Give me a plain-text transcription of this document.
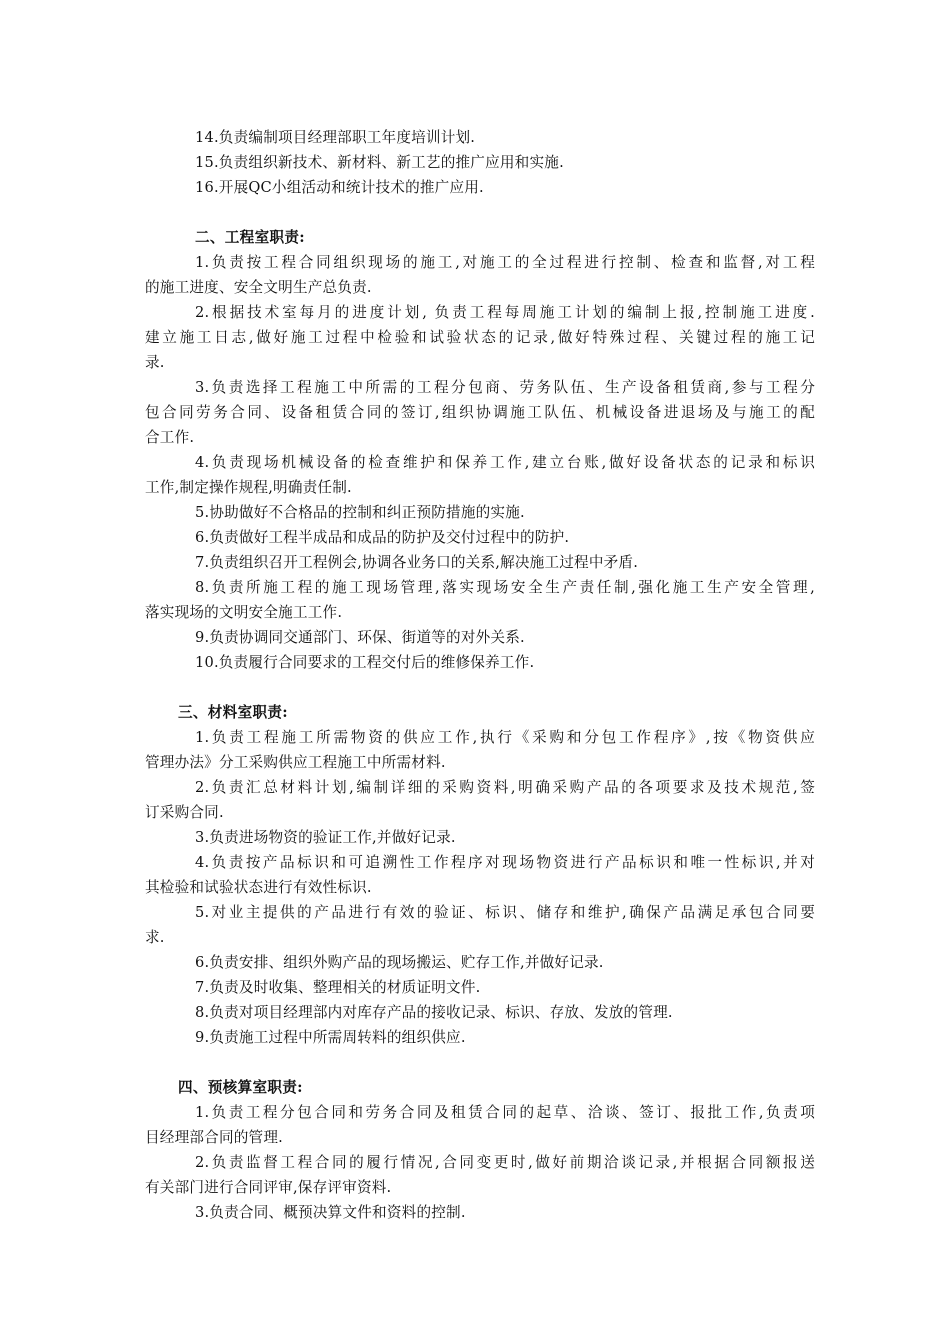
14.负责编制项目经理部职工年度培训计划.
15.负责组织新技术、新材料、新工艺的推广应用和实施.
16.开展QC小组活动和统计技术的推广应用.
二、工程室职责:
1.负责按工程合同组织现场的施工,对施工的全过程进行控制、检查和监督,对工程
的施工进度、安全文明生产总负责.
2.根据技术室每月的进度计划, 负责工程每周施工计划的编制上报,控制施工进度.
建立施工日志,做好施工过程中检验和试验状态的记录,做好特殊过程、关键过程的施工记
录.
3.负责选择工程施工中所需的工程分包商、劳务队伍、生产设备租赁商,参与工程分
包合同劳务合同、设备租赁合同的签订,组织协调施工队伍、机械设备进退场及与施工的配
合工作.
4.负责现场机械设备的检查维护和保养工作,建立台账,做好设备状态的记录和标识
工作,制定操作规程,明确责任制.
5.协助做好不合格品的控制和纠正预防措施的实施.
6.负责做好工程半成品和成品的防护及交付过程中的防护.
7.负责组织召开工程例会,协调各业务口的关系,解决施工过程中矛盾.
8.负责所施工程的施工现场管理,落实现场安全生产责任制,强化施工生产安全管理,
落实现场的文明安全施工工作.
9.负责协调同交通部门、环保、街道等的对外关系.
10.负责履行合同要求的工程交付后的维修保养工作.
三、材料室职责:
1.负责工程施工所需物资的供应工作,执行《采购和分包工作程序》,按《物资供应
管理办法》分工采购供应工程施工中所需材料.
2.负责汇总材料计划,编制详细的采购资料,明确采购产品的各项要求及技术规范,签
订采购合同.
3.负责进场物资的验证工作,并做好记录.
4.负责按产品标识和可追溯性工作程序对现场物资进行产品标识和唯一性标识,并对
其检验和试验状态进行有效性标识.
5.对业主提供的产品进行有效的验证、标识、储存和维护,确保产品满足承包合同要
求.
6.负责安排、组织外购产品的现场搬运、贮存工作,并做好记录.
7.负责及时收集、整理相关的材质证明文件.
8.负责对项目经理部内对库存产品的接收记录、标识、存放、发放的管理.
9.负责施工过程中所需周转料的组织供应.
四、预核算室职责:
1.负责工程分包合同和劳务合同及租赁合同的起草、洽谈、签订、报批工作,负责项
目经理部合同的管理.
2.负责监督工程合同的履行情况,合同变更时,做好前期洽谈记录,并根据合同额报送
有关部门进行合同评审,保存评审资料.
3.负责合同、概预决算文件和资料的控制.
